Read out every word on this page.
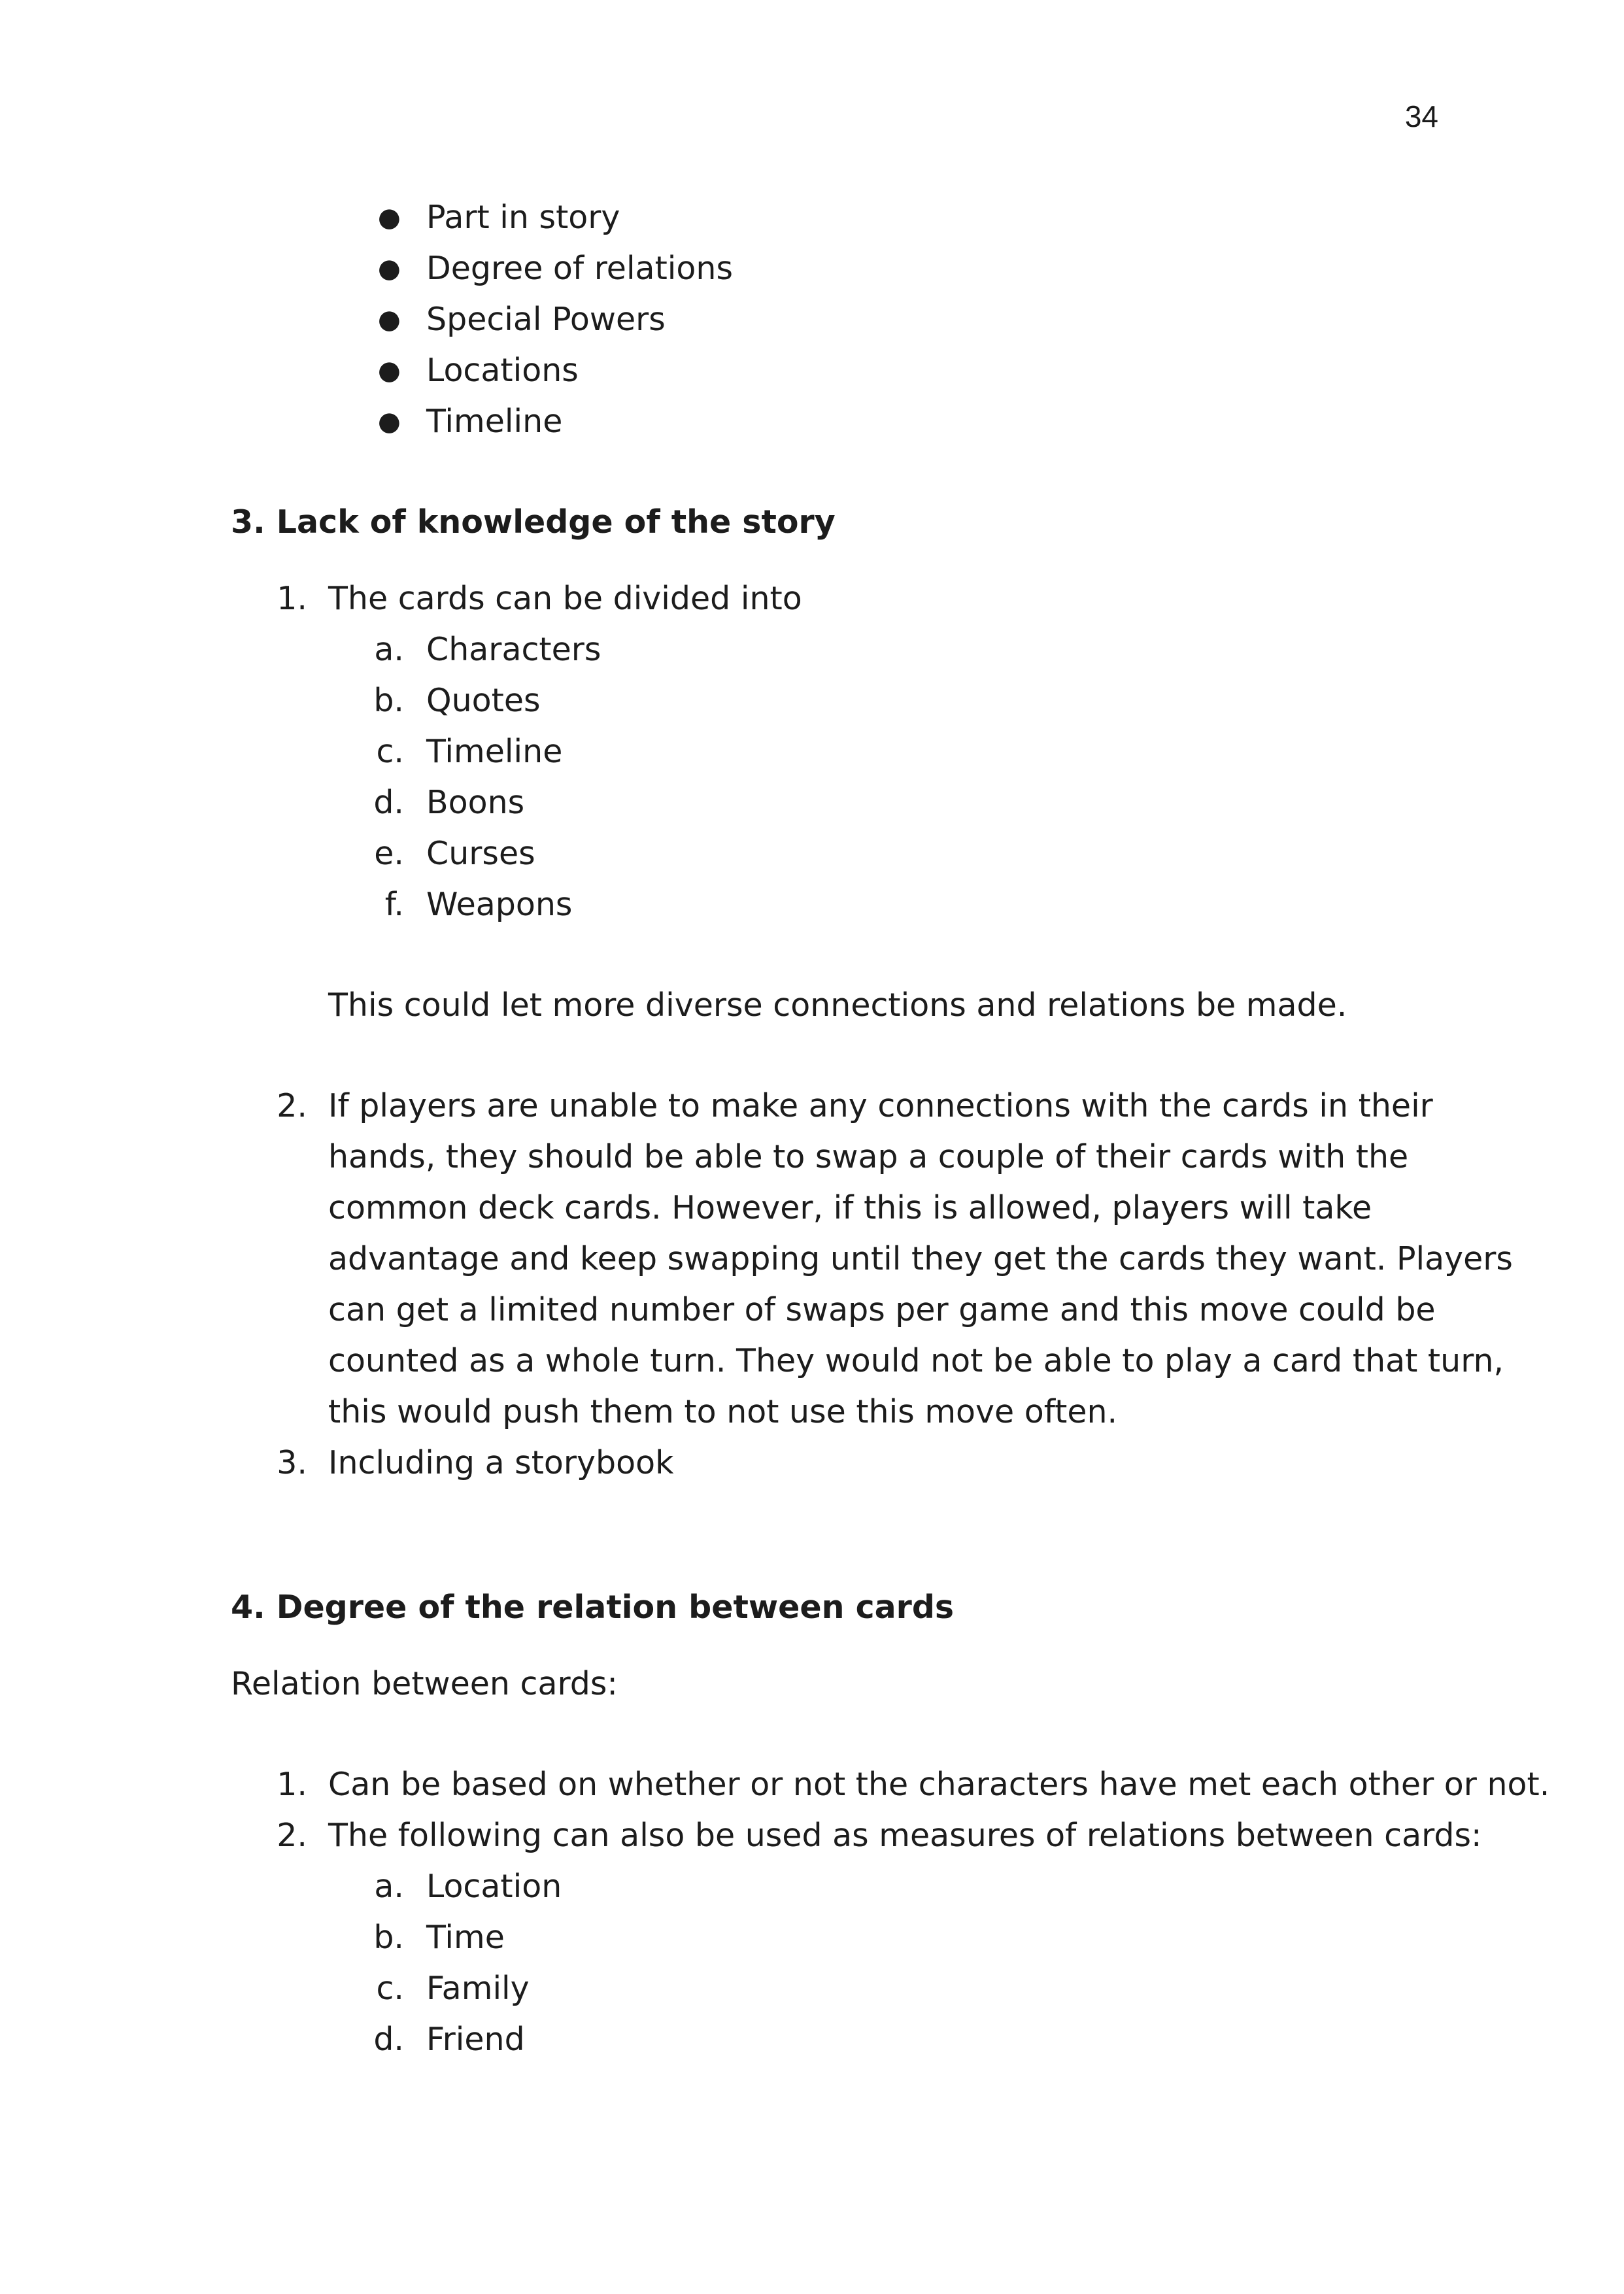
34
● Part in story
● Degree of relations
● Special Powers
● Locations
● Timeline
3. Lack of knowledge of the story
1. The cards can be divided into
a. Characters
b. Quotes
c. Timeline
d. Boons
e. Curses
f. Weapons
This could let more diverse connections and relations be made.
2. If players are unable to make any connections with the cards in their
hands, they should be able to swap a couple of their cards with the
common deck cards. However, if this is allowed, players will take
advantage and keep swapping until they get the cards they want. Players
can get a limited number of swaps per game and this move could be
counted as a whole turn. They would not be able to play a card that turn,
this would push them to not use this move often.
3. Including a storybook
4. Degree of the relation between cards
Relation between cards:
1. Can be based on whether or not the characters have met each other or not.
2. The following can also be used as measures of relations between cards:
a. Location
b. Time
c. Family
d. Friend
